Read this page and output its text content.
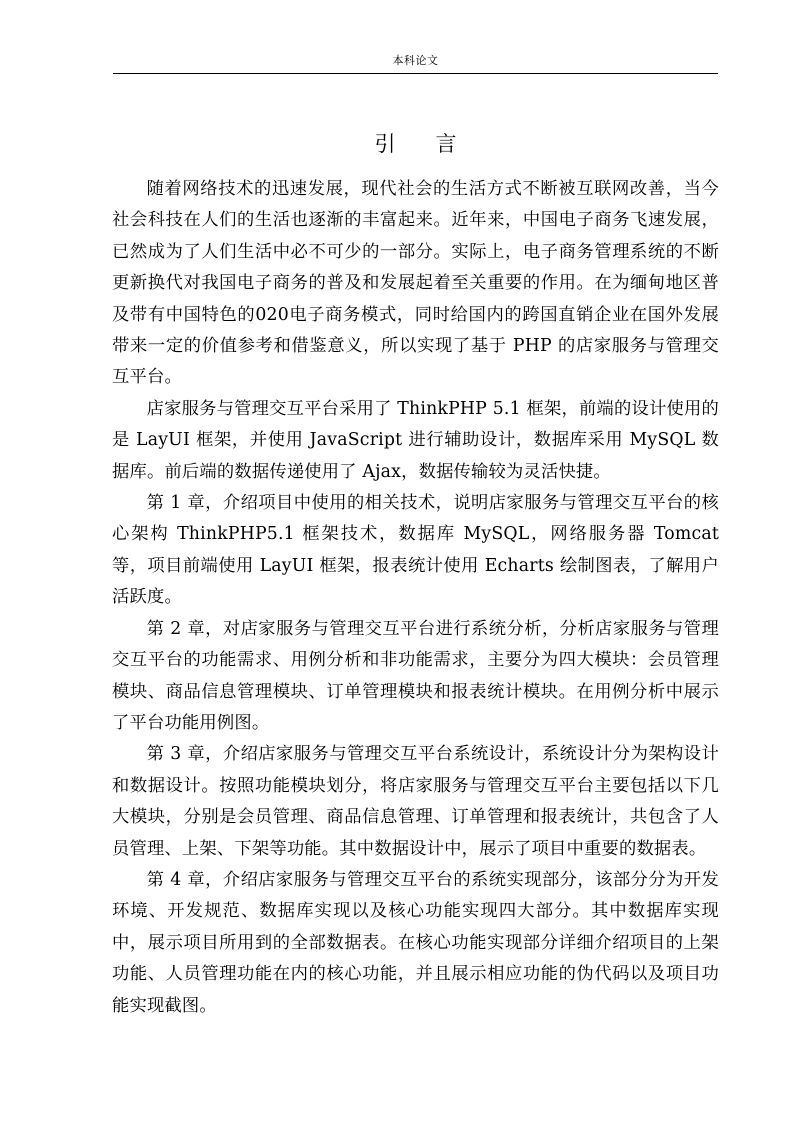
本科论文
引言

随着网络技术的迅速发展，现代社会的生活方式不断被互联网改善，当今社会科技在人们的生活也逐渐的丰富起来。近年来，中国电子商务飞速发展，已然成为了人们生活中必不可少的一部分。实际上，电子商务管理系统的不断更新换代对我国电子商务的普及和发展起着至关重要的作用。在为缅甸地区普及带有中国特色的020电子商务模式，同时给国内的跨国直销企业在国外发展带来一定的价值参考和借鉴意义，所以实现了基于 PHP 的店家服务与管理交互平台。

店家服务与管理交互平台采用了 ThinkPHP 5.1 框架，前端的设计使用的是 LayUI 框架，并使用 JavaScript 进行辅助设计，数据库采用 MySQL 数据库。前后端的数据传递使用了 Ajax，数据传输较为灵活快捷。

第 1 章，介绍项目中使用的相关技术，说明店家服务与管理交互平台的核心架构 ThinkPHP5.1 框架技术，数据库 MySQL，网络服务器 Tomcat 等，项目前端使用 LayUI 框架，报表统计使用 Echarts 绘制图表，了解用户活跃度。

第 2 章，对店家服务与管理交互平台进行系统分析，分析店家服务与管理交互平台的功能需求、用例分析和非功能需求，主要分为四大模块：会员管理模块、商品信息管理模块、订单管理模块和报表统计模块。在用例分析中展示了平台功能用例图。

第 3 章，介绍店家服务与管理交互平台系统设计，系统设计分为架构设计和数据设计。按照功能模块划分，将店家服务与管理交互平台主要包括以下几大模块，分别是会员管理、商品信息管理、订单管理和报表统计，共包含了人员管理、上架、下架等功能。其中数据设计中，展示了项目中重要的数据表。

第 4 章，介绍店家服务与管理交互平台的系统实现部分，该部分分为开发环境、开发规范、数据库实现以及核心功能实现四大部分。其中数据库实现中，展示项目所用到的全部数据表。在核心功能实现部分详细介绍项目的上架功能、人员管理功能在内的核心功能，并且展示相应功能的伪代码以及项目功能实现截图。
